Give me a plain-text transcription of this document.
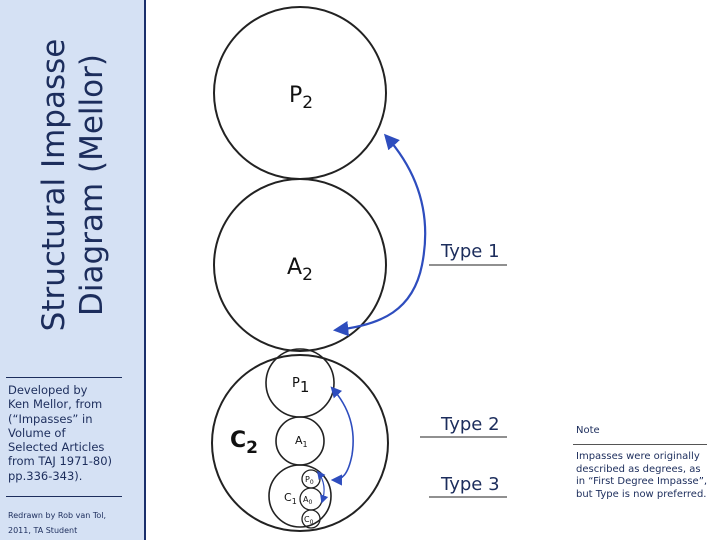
Structural Impasse Diagram (Mellor)
Developed by
Ken Mellor, from
(“Impasses” in
Volume of
Selected Articles
from TAJ 1971-80)
pp.336-343).
Redrawn by Rob van Tol,
2011, TA Student
$P_2$
$A_2$
$C_2$
P1
$A_1$
$C_1$
$P_0$
$A_0$
$C_0$
Type 1
Type 2
Type 3
Note
Impasses were originally described as degrees, as in “First Degree Impasse”, but Type is now preferred.
